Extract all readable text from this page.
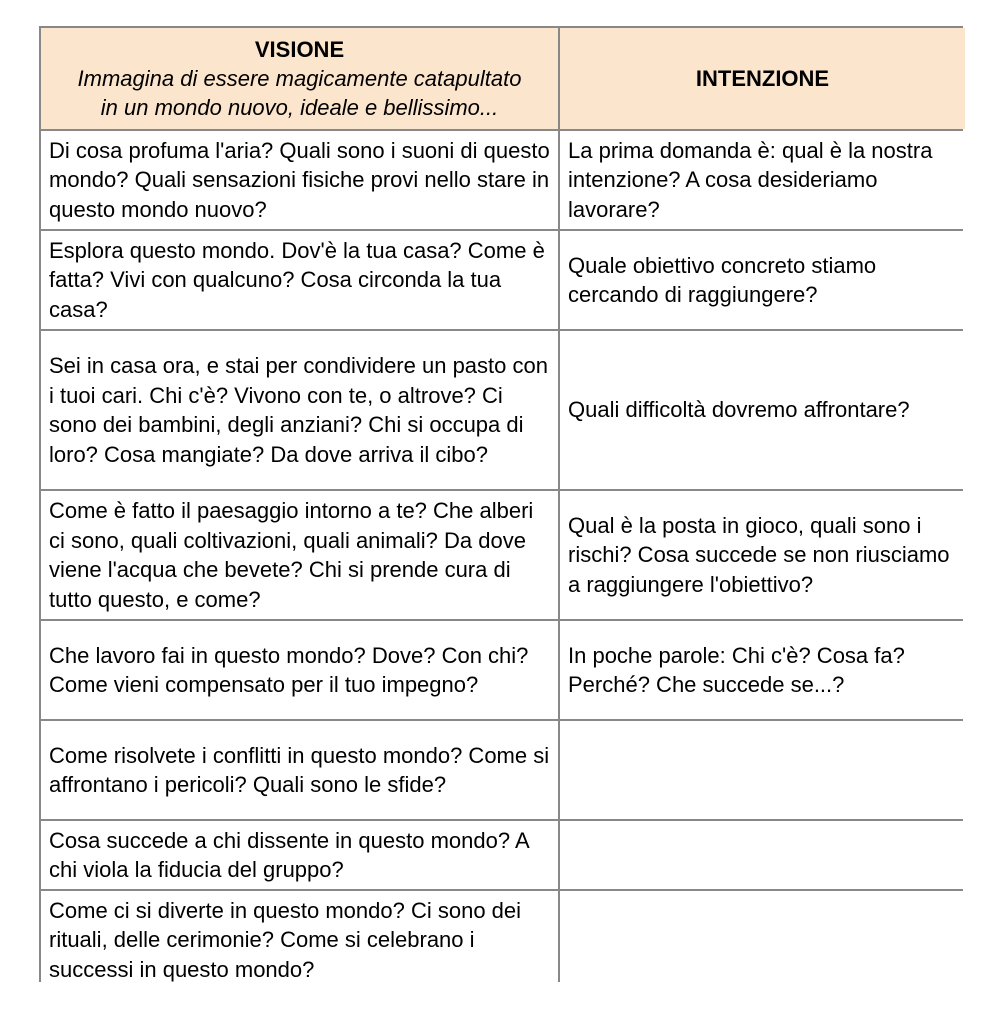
VISIONE
Immagina di essere magicamente catapultato
in un mondo nuovo, ideale e bellissimo...
INTENZIONE
Di cosa profuma l'aria? Quali sono i suoni di questo mondo? Quali sensazioni fisiche provi nello stare in questo mondo nuovo?
La prima domanda è: qual è la nostra intenzione? A cosa desideriamo lavorare?
Esplora questo mondo. Dov'è la tua casa? Come è fatta? Vivi con qualcuno? Cosa circonda la tua casa?
Quale obiettivo concreto stiamo cercando di raggiungere?
Sei in casa ora, e stai per condividere un pasto con i tuoi cari. Chi c'è? Vivono con te, o altrove? Ci sono dei bambini, degli anziani? Chi si occupa di loro? Cosa mangiate? Da dove arriva il cibo?
Quali difficoltà dovremo affrontare?
Come è fatto il paesaggio intorno a te? Che alberi ci sono, quali coltivazioni, quali animali? Da dove viene l'acqua che bevete? Chi si prende cura di tutto questo, e come?
Qual è la posta in gioco, quali sono i rischi? Cosa succede se non riusciamo a raggiungere l'obiettivo?
Che lavoro fai in questo mondo? Dove? Con chi? Come vieni compensato per il tuo impegno?
In poche parole: Chi c'è? Cosa fa? Perché? Che succede se...?
Come risolvete i conflitti in questo mondo? Come si affrontano i pericoli? Quali sono le sfide?
Cosa succede a chi dissente in questo mondo? A chi viola la fiducia del gruppo?
Come ci si diverte in questo mondo? Ci sono dei rituali, delle cerimonie? Come si celebrano i successi in questo mondo?
